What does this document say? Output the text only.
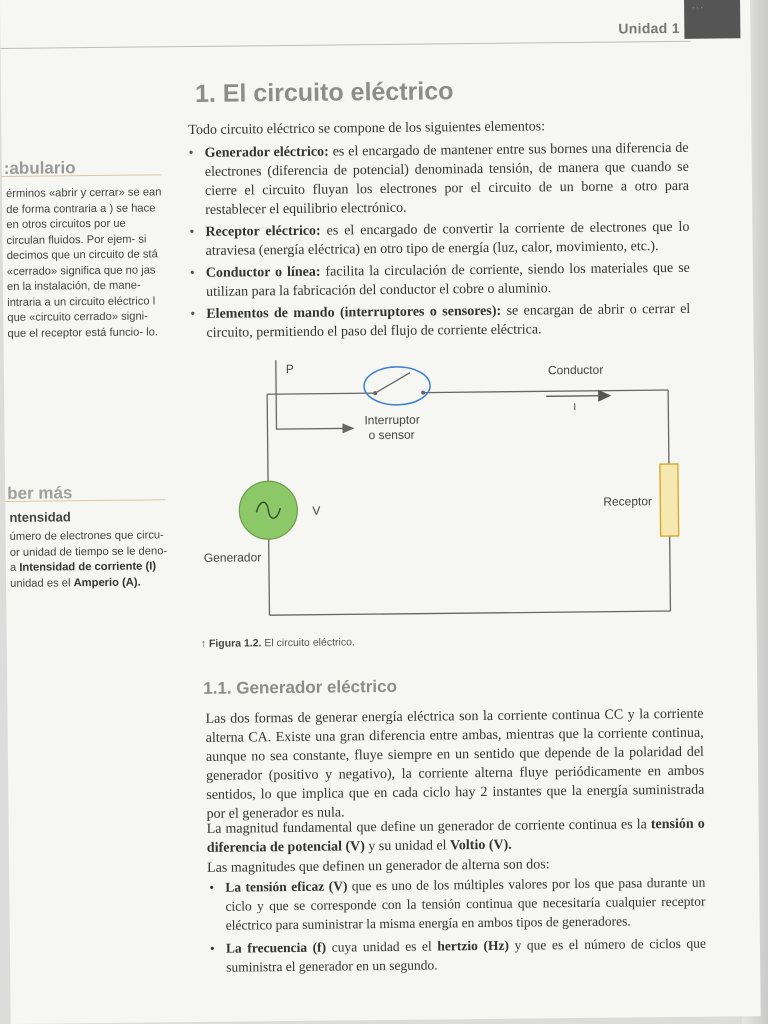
Unidad 1
· · ·
1. El circuito eléctrico
Todo circuito eléctrico se compone de los siguientes elementos:
• Generador eléctrico: es el encargado de mantener entre sus bornes una diferencia de electrones (diferencia de potencial) denominada tensión, de manera que cuando se cierre el circuito fluyan los electrones por el circuito de un borne a otro para restablecer el equilibrio electrónico.
• Receptor eléctrico: es el encargado de convertir la corriente de electrones que lo atraviesa (energía eléctrica) en otro tipo de energía (luz, calor, movimiento, etc.).
• Conductor o línea: facilita la circulación de corriente, siendo los materiales que se utilizan para la fabricación del conductor el cobre o aluminio.
• Elementos de mando (interruptores o sensores): se encargan de abrir o cerrar el circuito, permitiendo el paso del flujo de corriente eléctrica.
:abulario
érminos «abrir y cerrar» se ean de forma contraria a ) se hace en otros circuitos por ue circulan fluidos. Por ejem- si decimos que un circuito de stá «cerrado» significa que no jas en la instalación, de mane- intraria a un circuito eléctrico l que «circuito cerrado» signi- que el receptor está funcio- lo.
ber más
ntensidad
úmero de electrones que circu- or unidad de tiempo se le deno- a Intensidad de corriente (I) unidad es el Amperio (A).
P	Conductor
I
Interruptor
o sensor
V
Receptor
Generador
↑ Figura 1.2. El circuito eléctrico.
1.1. Generador eléctrico
Las dos formas de generar energía eléctrica son la corriente continua CC y la corriente alterna CA. Existe una gran diferencia entre ambas, mientras que la corriente continua, aunque no sea constante, fluye siempre en un sentido que depende de la polaridad del generador (positivo y negativo), la corriente alterna fluye periódicamente en ambos sentidos, lo que implica que en cada ciclo hay 2 instantes que la energía suministrada por el generador es nula.
La magnitud fundamental que define un generador de corriente continua es la tensión o diferencia de potencial (V) y su unidad el Voltio (V).
Las magnitudes que definen un generador de alterna son dos:
• La tensión eficaz (V) que es uno de los múltiples valores por los que pasa durante un ciclo y que se corresponde con la tensión continua que necesitaría cualquier receptor eléctrico para suministrar la misma energía en ambos tipos de generadores.
• La frecuencia (f) cuya unidad es el hertzio (Hz) y que es el número de ciclos que suministra el generador en un segundo.
